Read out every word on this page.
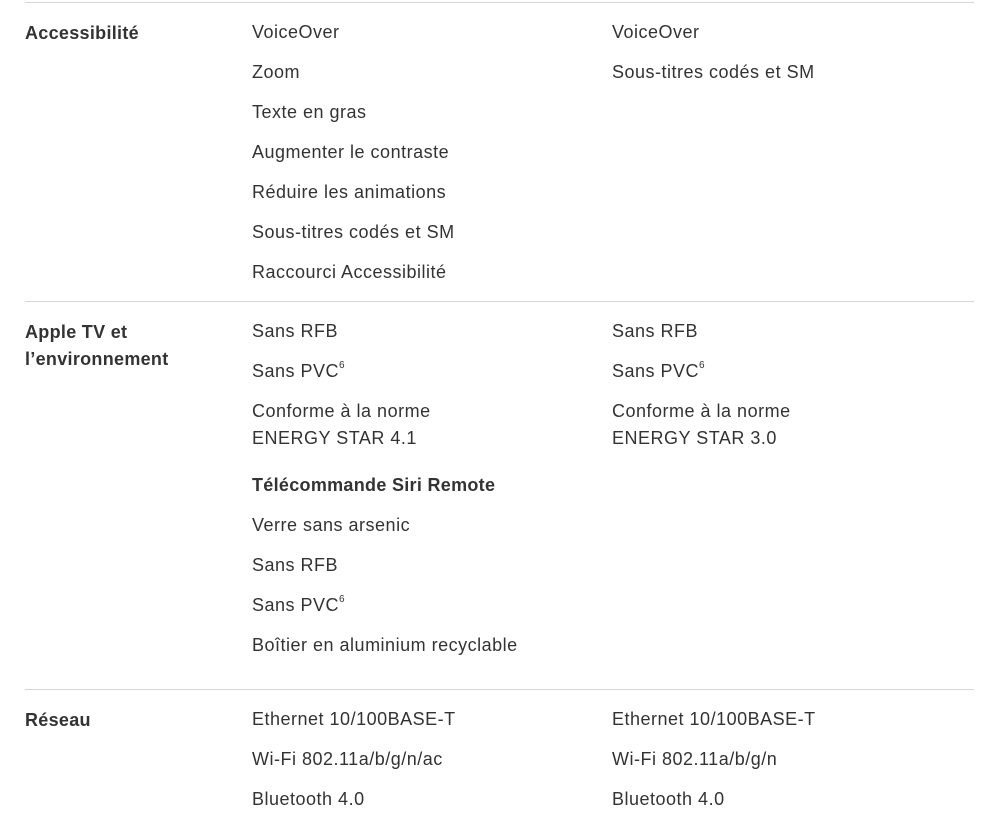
Accessibilité	VoiceOver
Zoom
Texte en gras
Augmenter le contraste
Réduire les animations
Sous-titres codés et SM
Raccourci Accessibilité
VoiceOver
Sous-titres codés et SM
Apple TV et
l’environnement
Sans RFB
Sans PVC$^6$
Conforme à la norme
ENERGY STAR 4.1
Télécommande Siri Remote
Verre sans arsenic
Sans RFB
Sans PVC$^6$
Boîtier en aluminium recyclable
Sans RFB
Sans PVC$^6$
Conforme à la norme
ENERGY STAR 3.0
Réseau	Ethernet 10/100BASE-T
Wi-Fi 802.11a/b/g/n/ac
Bluetooth 4.0
Ethernet 10/100BASE-T
Wi-Fi 802.11a/b/g/n
Bluetooth 4.0
